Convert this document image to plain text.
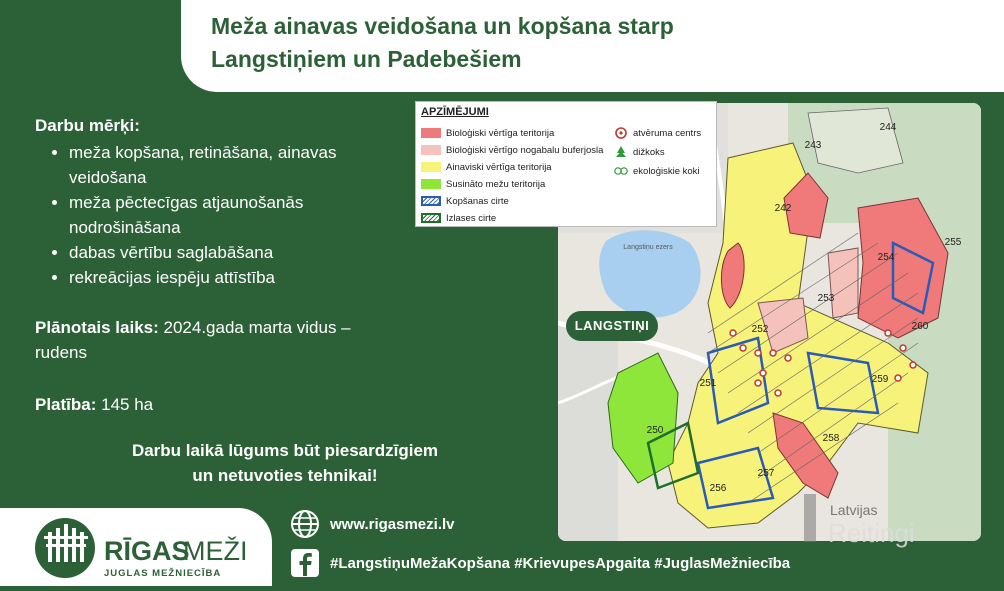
Meža ainavas veidošana un kopšana starp
Langstiņiem un Padebešiem
Darbu mērķi:
• meža kopšana, retināšana, ainavas veidošana
• meža pēctecīgas atjaunošanās nodrošināšana
• dabas vērtību saglabāšana
• rekreācijas iespēju attīstība
Plānotais laiks: 2024.gada marta vidus – rudens
Platība: 145 ha
Darbu laikā lūgums būt piesardzīgiem
un netuvoties tehnikai!
RĪGAS
MEŽI
JUGLAS MEŽNIECĪBA
www.rigasmezi.lv
#LangstiņuMežaKopšana #KrievupesApgaita #JuglasMežniecība
Langstiņu ezers
243
244
242
255
254
253
252	260
251	259
250
258
257
256
APZĪMĒJUMI
Bioloģiski vērtīga teritorija
Bioloģiski vērtīgo nogabalu buferjosla
Ainaviski vērtīga teritorija
Susināto mežu teritorija
Kopšanas cirte
Izlases cirte
atvēruma centrs
dižkoks
ekoloģiskie koki
LANGSTIŅI
Latvijas
Reitingi
